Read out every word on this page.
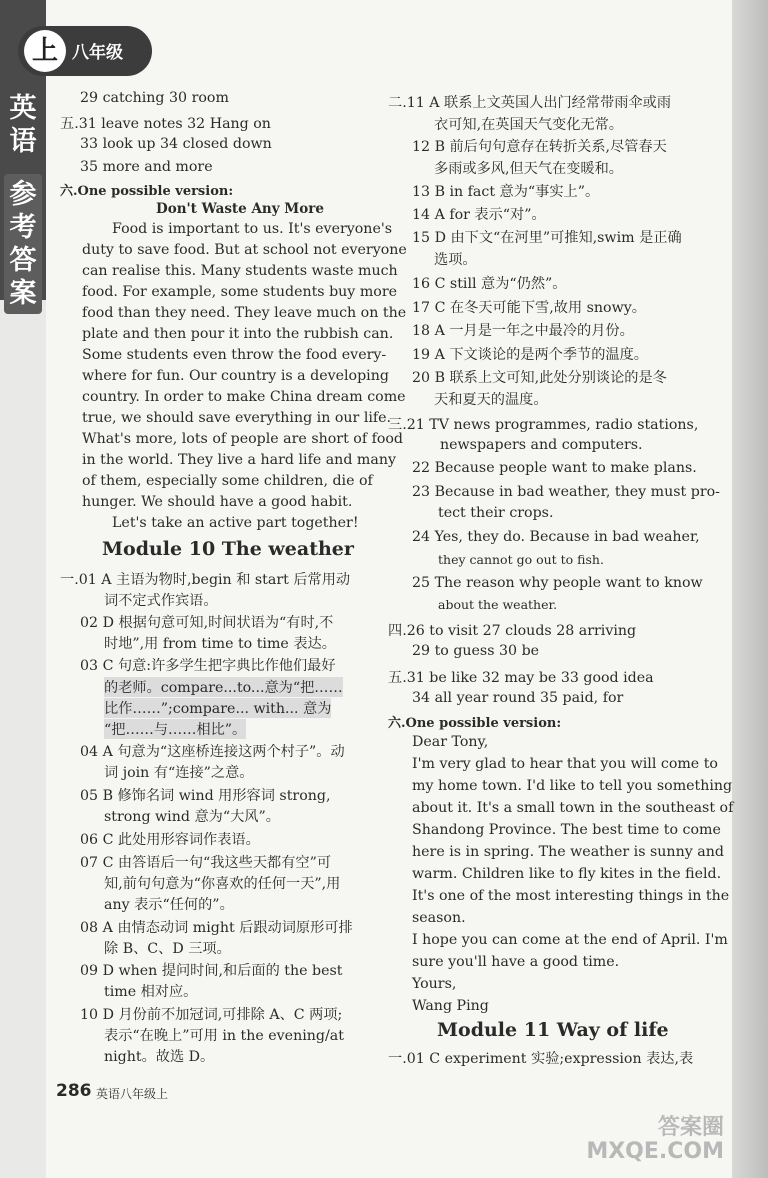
上 八年级
英
语
参
考
答
案
29 catching 30 room
五.31 leave notes 32 Hang on
33 look up 34 closed down
35 more and more
六.One possible version:
Don't Waste Any More
Food is important to us. It's everyone's
duty to save food. But at school not everyone
can realise this. Many students waste much
food. For example, some students buy more
food than they need. They leave much on the
plate and then pour it into the rubbish can.
Some students even throw the food every-
where for fun. Our country is a developing
country. In order to make China dream come
true, we should save everything in our life.
What's more, lots of people are short of food
in the world. They live a hard life and many
of them, especially some children, die of
hunger. We should have a good habit.
Let's take an active part together!
Module 10 The weather
一.01 A 主语为物时,begin 和 start 后常用动
词不定式作宾语。
02 D 根据句意可知,时间状语为“有时,不
时地”,用 from time to time 表达。
03 C 句意:许多学生把字典比作他们最好
的老师。compare...to...意为“把……
比作……”;compare... with... 意为
“把……与……相比”。
04 A 句意为“这座桥连接这两个村子”。动
词 join 有“连接”之意。
05 B 修饰名词 wind 用形容词 strong,
strong wind 意为“大风”。
06 C 此处用形容词作表语。
07 C 由答语后一句“我这些天都有空”可
知,前句句意为“你喜欢的任何一天”,用
any 表示“任何的”。
08 A 由情态动词 might 后跟动词原形可排
除 B、C、D 三项。
09 D when 提问时间,和后面的 the best
time 相对应。
10 D 月份前不加冠词,可排除 A、C 两项;
表示“在晚上”可用 in the evening/at
night。故选 D。
二.11 A 联系上文英国人出门经常带雨伞或雨
衣可知,在英国天气变化无常。
12 B 前后句句意存在转折关系,尽管春天
多雨或多风,但天气在变暖和。
13 B in fact 意为“事实上”。
14 A for 表示“对”。
15 D 由下文“在河里”可推知,swim 是正确
选项。
16 C still 意为“仍然”。
17 C 在冬天可能下雪,故用 snowy。
18 A 一月是一年之中最冷的月份。
19 A 下文谈论的是两个季节的温度。
20 B 联系上文可知,此处分别谈论的是冬
天和夏天的温度。
三.21 TV news programmes, radio stations,
newspapers and computers.
22 Because people want to make plans.
23 Because in bad weather, they must pro-
tect their crops.
24 Yes, they do. Because in bad weaher,
they cannot go out to fish.
25 The reason why people want to know
about the weather.
四.26 to visit 27 clouds 28 arriving
29 to guess 30 be
五.31 be like 32 may be 33 good idea
34 all year round 35 paid, for
六.One possible version:
Dear Tony,
I'm very glad to hear that you will come to
my home town. I'd like to tell you something
about it. It's a small town in the southeast of
Shandong Province. The best time to come
here is in spring. The weather is sunny and
warm. Children like to fly kites in the field.
It's one of the most interesting things in the
season.
I hope you can come at the end of April. I'm
sure you'll have a good time.
Yours,
Wang Ping
Module 11 Way of life
一.01 C experiment 实验;expression 表达,表
286 英语八年级上
答案圈
MXQE.COM
